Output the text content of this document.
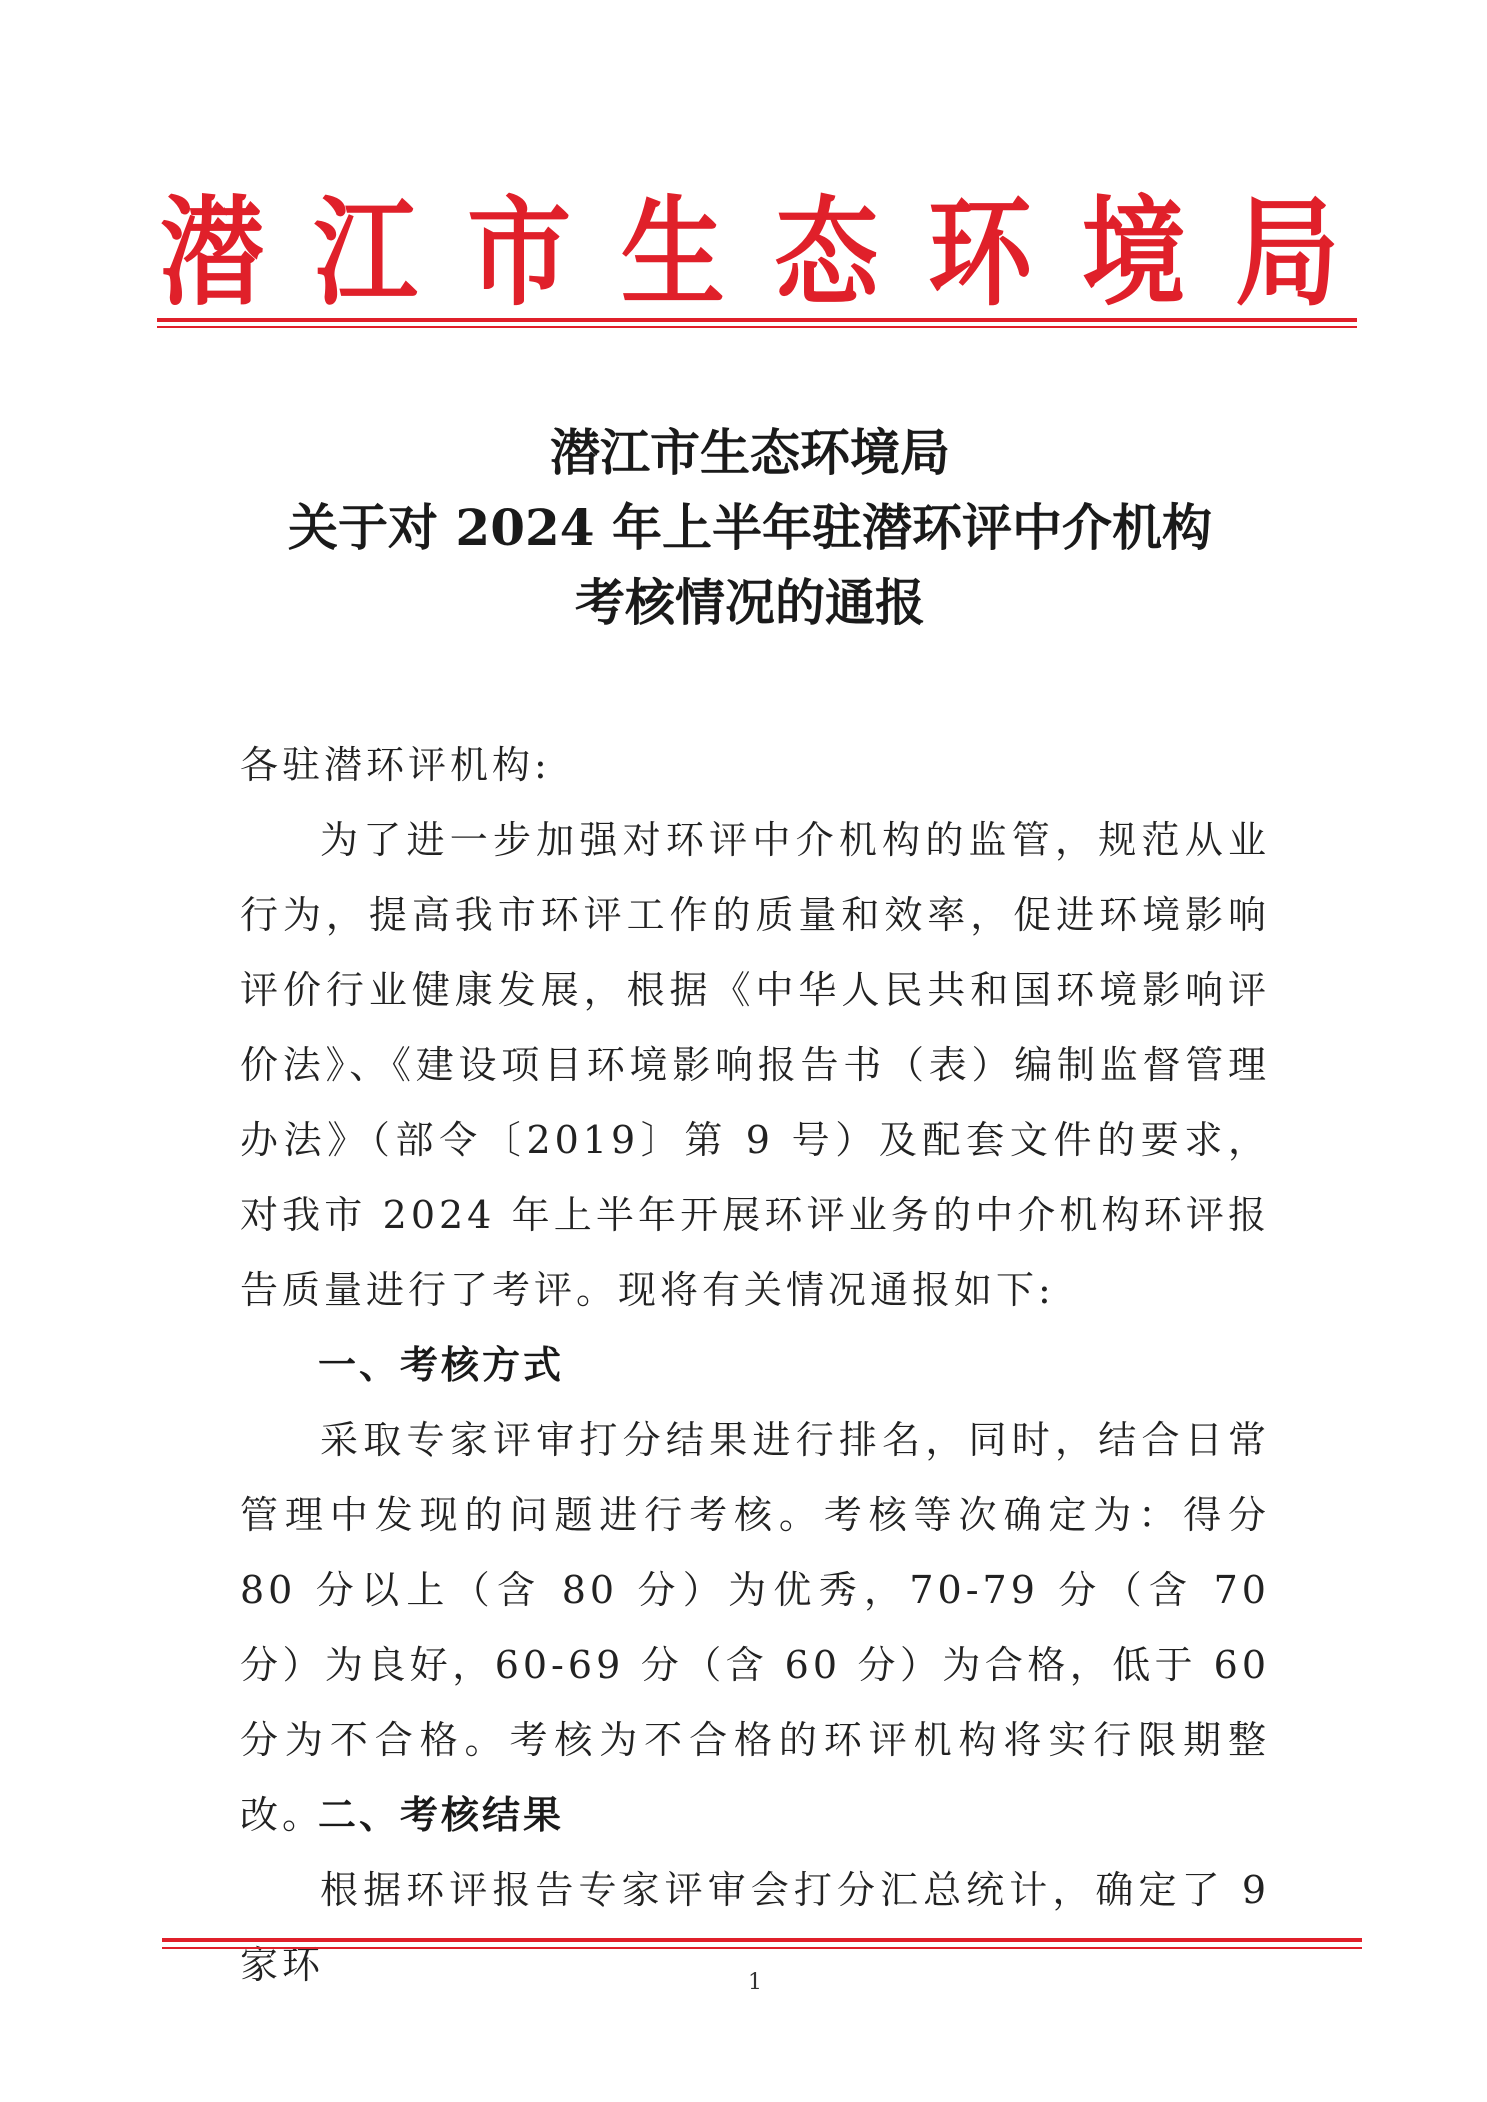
潜 江 市 生 态 环 境 局
潜江市生态环境局
关于对 2024 年上半年驻潜环评中介机构
考核情况的通报
各驻潜环评机构:

为了进一步加强对环评中介机构的监管，规范从业行为，提高我市环评工作的质量和效率，促进环境影响评价行业健康发展，根据《中华人民共和国环境影响评价法》、《建设项目环境影响报告书（表）编制监督管理办法》（部令〔2019〕第 9 号）及配套文件的要求，对我市 2024 年上半年开展环评业务的中介机构环评报告质量进行了考评。现将有关情况通报如下:

一、考核方式

采取专家评审打分结果进行排名，同时，结合日常管理中发现的问题进行考核。考核等次确定为：得分 80 分以上（含 80 分）为优秀，70-79 分（含 70 分）为良好，60-69 分（含 60 分）为合格，低于 60 分为不合格。考核为不合格的环评机构将实行限期整改。

二、考核结果

根据环评报告专家评审会打分汇总统计，确定了 9 家环	1
